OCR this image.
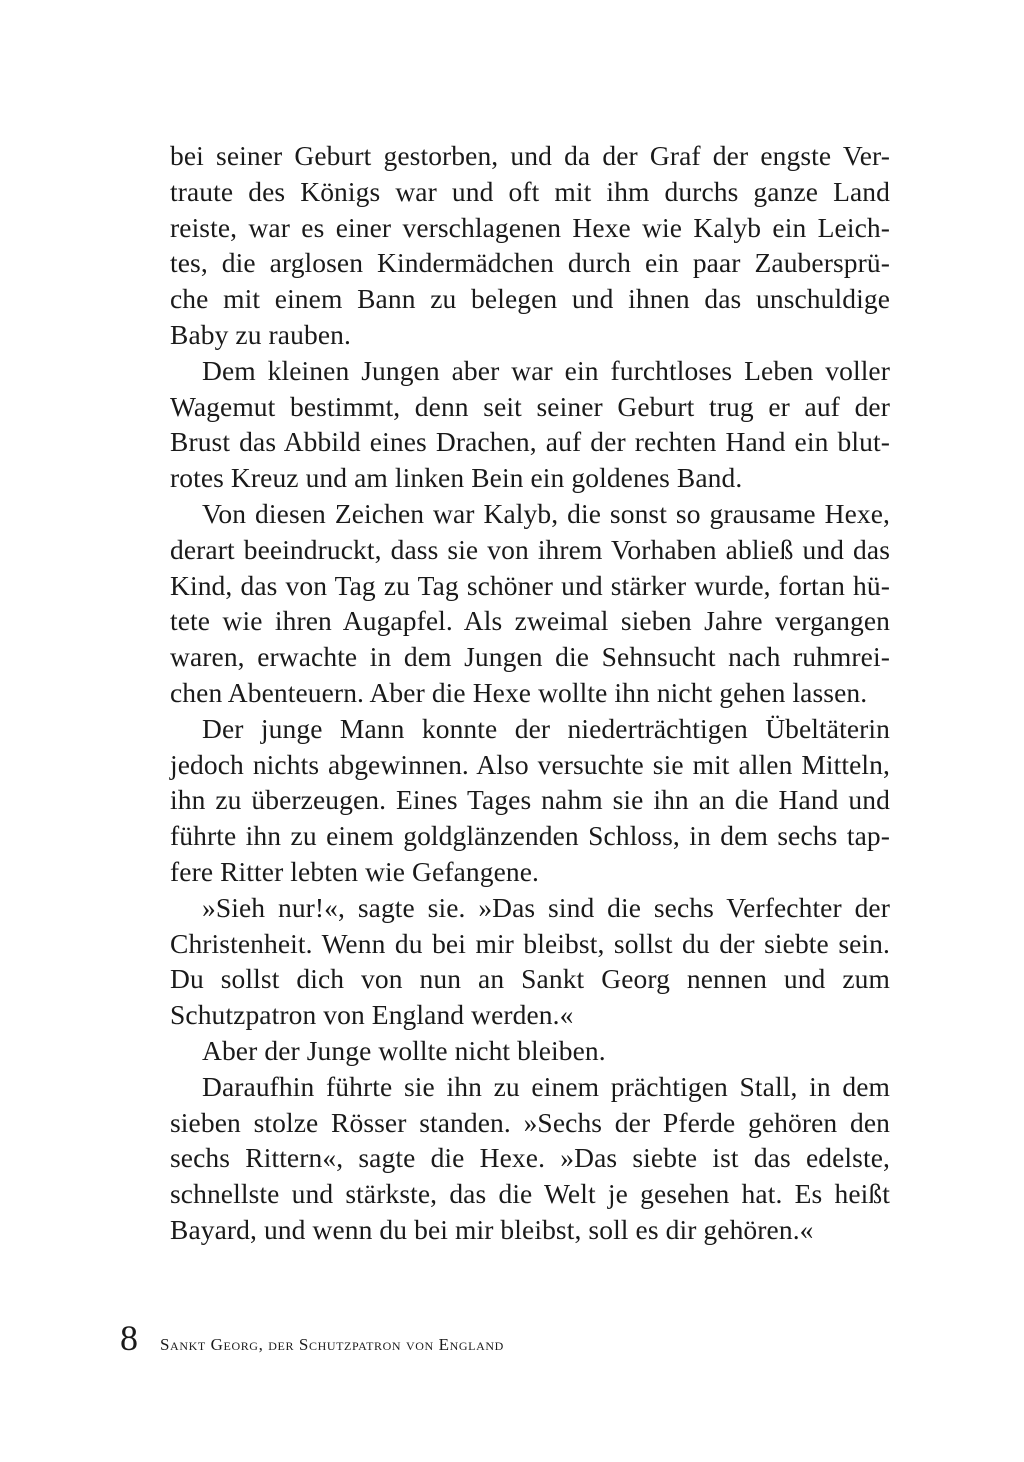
bei seiner Geburt gestorben, und da der Graf der engste Ver-
traute des Königs war und oft mit ihm durchs ganze Land
reiste, war es einer verschlagenen Hexe wie Kalyb ein Leich-
tes, die arglosen Kindermädchen durch ein paar Zaubersprü-
che mit einem Bann zu belegen und ihnen das unschuldige
Baby zu rauben.
Dem kleinen Jungen aber war ein furchtloses Leben voller
Wagemut bestimmt, denn seit seiner Geburt trug er auf der
Brust das Abbild eines Drachen, auf der rechten Hand ein blut-
rotes Kreuz und am linken Bein ein goldenes Band.
Von diesen Zeichen war Kalyb, die sonst so grausame Hexe,
derart beeindruckt, dass sie von ihrem Vorhaben abließ und das
Kind, das von Tag zu Tag schöner und stärker wurde, fortan hü-
tete wie ihren Augapfel. Als zweimal sieben Jahre vergangen
waren, erwachte in dem Jungen die Sehnsucht nach ruhmrei-
chen Abenteuern. Aber die Hexe wollte ihn nicht gehen lassen.
Der junge Mann konnte der niederträchtigen Übeltäterin
jedoch nichts abgewinnen. Also versuchte sie mit allen Mitteln,
ihn zu überzeugen. Eines Tages nahm sie ihn an die Hand und
führte ihn zu einem goldglänzenden Schloss, in dem sechs tap-
fere Ritter lebten wie Gefangene.
»Sieh nur!«, sagte sie. »Das sind die sechs Verfechter der
Christenheit. Wenn du bei mir bleibst, sollst du der siebte sein.
Du sollst dich von nun an Sankt Georg nennen und zum
Schutzpatron von England werden.«
Aber der Junge wollte nicht bleiben.
Daraufhin führte sie ihn zu einem prächtigen Stall, in dem
sieben stolze Rösser standen. »Sechs der Pferde gehören den
sechs Rittern«, sagte die Hexe. »Das siebte ist das edelste,
schnellste und stärkste, das die Welt je gesehen hat. Es heißt
Bayard, und wenn du bei mir bleibst, soll es dir gehören.«
8 Sankt Georg, der Schutzpatron von England
